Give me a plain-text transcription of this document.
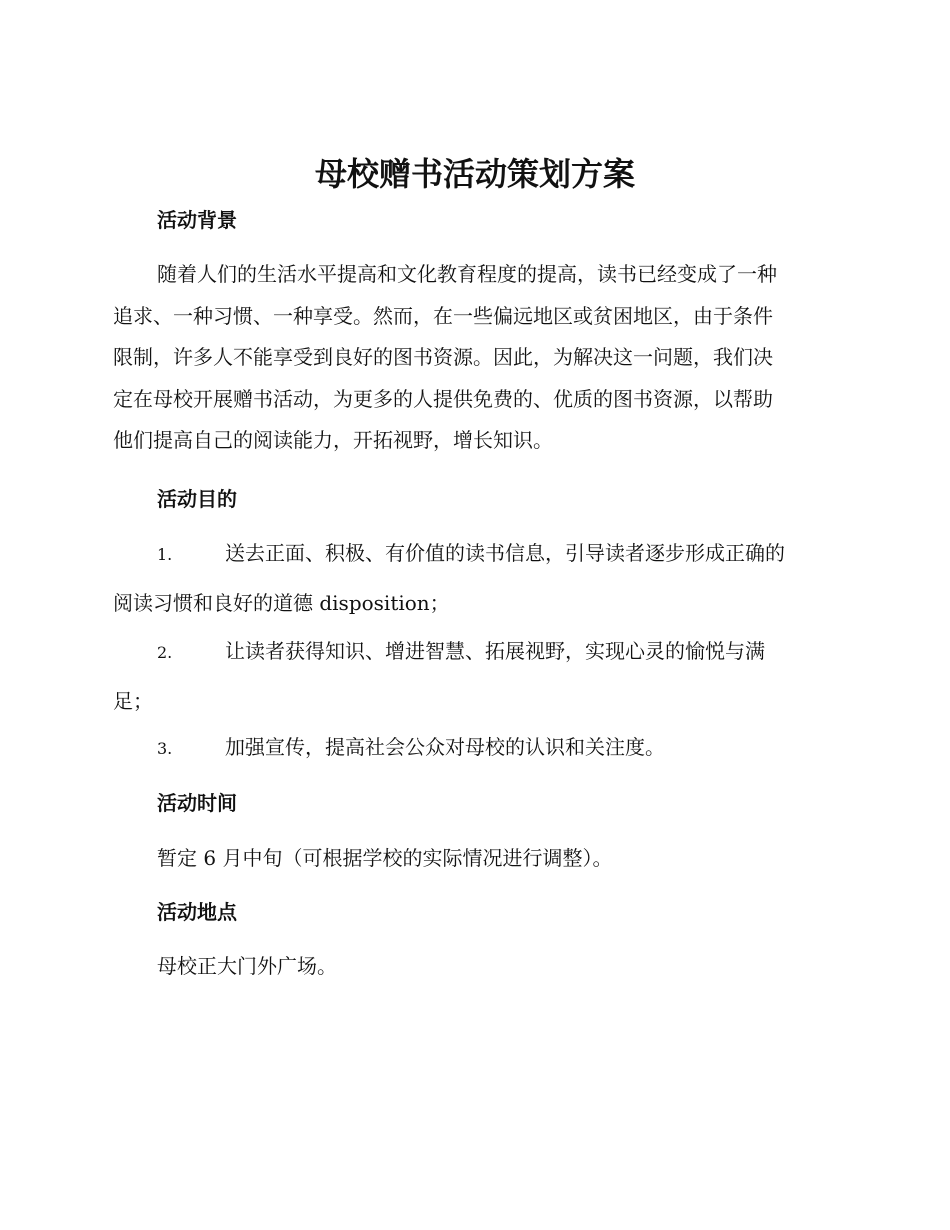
母校赠书活动策划方案
活动背景
随着人们的生活水平提高和文化教育程度的提高，读书已经变成了一种
追求、一种习惯、一种享受。然而，在一些偏远地区或贫困地区，由于条件
限制，许多人不能享受到良好的图书资源。因此，为解决这一问题，我们决
定在母校开展赠书活动，为更多的人提供免费的、优质的图书资源，以帮助
他们提高自己的阅读能力，开拓视野，增长知识。
活动目的
1.	送去正面、积极、有价值的读书信息，引导读者逐步形成正确的
阅读习惯和良好的道德 disposition；
2.	让读者获得知识、增进智慧、拓展视野，实现心灵的愉悦与满
足；
3.	加强宣传，提高社会公众对母校的认识和关注度。
活动时间
暂定 6 月中旬（可根据学校的实际情况进行调整）。
活动地点
母校正大门外广场。
